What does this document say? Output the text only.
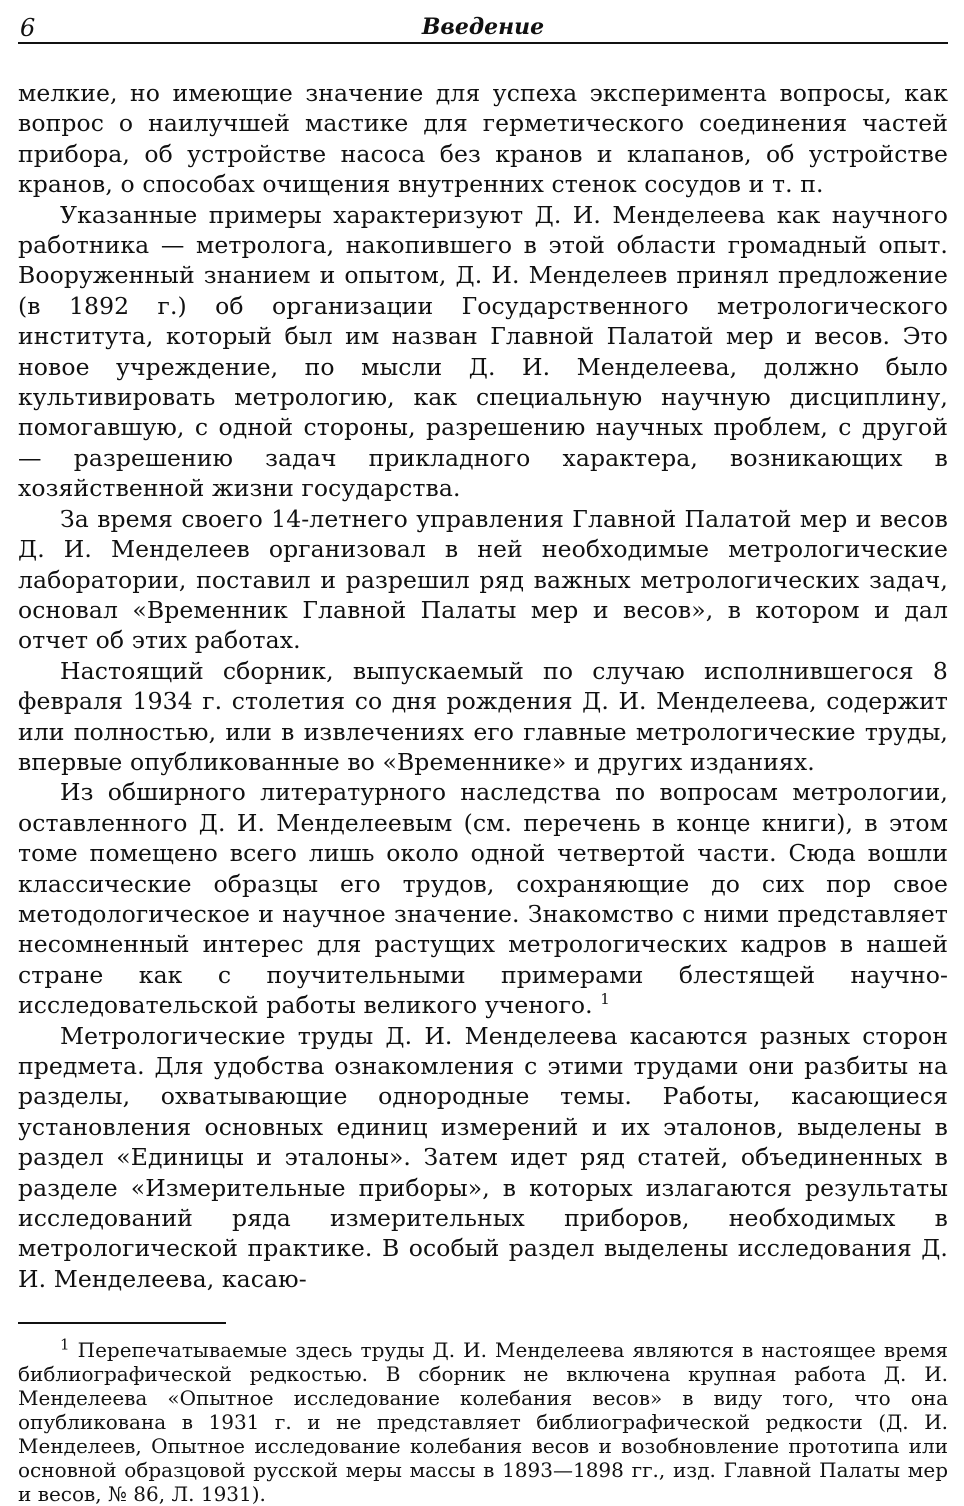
6	Введение

мелкие, но имеющие значение для успеха эксперимента вопросы, как вопрос о наилучшей мастике для герметического соединения частей прибора, об устройстве насоса без кранов и клапанов, об устройстве кранов, о способах очищения внутренних стенок сосудов и т. п.

Указанные примеры характеризуют Д. И. Менделеева как научного работника — метролога, накопившего в этой области громадный опыт. Вооруженный знанием и опытом, Д. И. Менделеев принял предложение (в 1892 г.) об организации Государственного метрологического института, который был им назван Главной Палатой мер и весов. Это новое учреждение, по мысли Д. И. Менделеева, должно было культивировать метрологию, как специальную научную дисциплину, помогавшую, с одной стороны, разрешению научных проблем, с другой — разрешению задач прикладного характера, возникающих в хозяйственной жизни государства.

За время своего 14-летнего управления Главной Палатой мер и весов Д. И. Менделеев организовал в ней необходимые метрологические лаборатории, поставил и разрешил ряд важных метрологических задач, основал «Временник Главной Палаты мер и весов», в котором и дал отчет об этих работах.

Настоящий сборник, выпускаемый по случаю исполнившегося 8 февраля 1934 г. столетия со дня рождения Д. И. Менделеева, содержит или полностью, или в извлечениях его главные метрологические труды, впервые опубликованные во «Временнике» и других изданиях.

Из обширного литературного наследства по вопросам метрологии, оставленного Д. И. Менделеевым (см. перечень в конце книги), в этом томе помещено всего лишь около одной четвертой части. Сюда вошли классические образцы его трудов, сохраняющие до сих пор свое методологическое и научное значение. Знакомство с ними представляет несомненный интерес для растущих метрологических кадров в нашей стране как с поучительными примерами блестящей научно-исследовательской работы великого ученого. $^1$

Метрологические труды Д. И. Менделеева касаются разных сторон предмета. Для удобства ознакомления с этими трудами они разбиты на разделы, охватывающие однородные темы. Работы, касающиеся установления основных единиц измерений и их эталонов, выделены в раздел «Единицы и эталоны». Затем идет ряд статей, объединенных в разделе «Измерительные приборы», в которых излагаются результаты исследований ряда измерительных приборов, необходимых в метрологической практике. В особый раздел выделены исследования Д. И. Менделеева, касаю-

$^1$ Перепечатываемые здесь труды Д. И. Менделеева являются в настоящее время библиографической редкостью. В сборник не включена крупная работа Д. И. Менделеева «Опытное исследование колебания весов» в виду того, что она опубликована в 1931 г. и не представляет библиографической редкости (Д. И. Менделеев, Опытное исследование колебания весов и возобновление прототипа или основной образцовой русской меры массы в 1893—1898 гг., изд. Главной Палаты мер и весов, № 86, Л. 1931).
